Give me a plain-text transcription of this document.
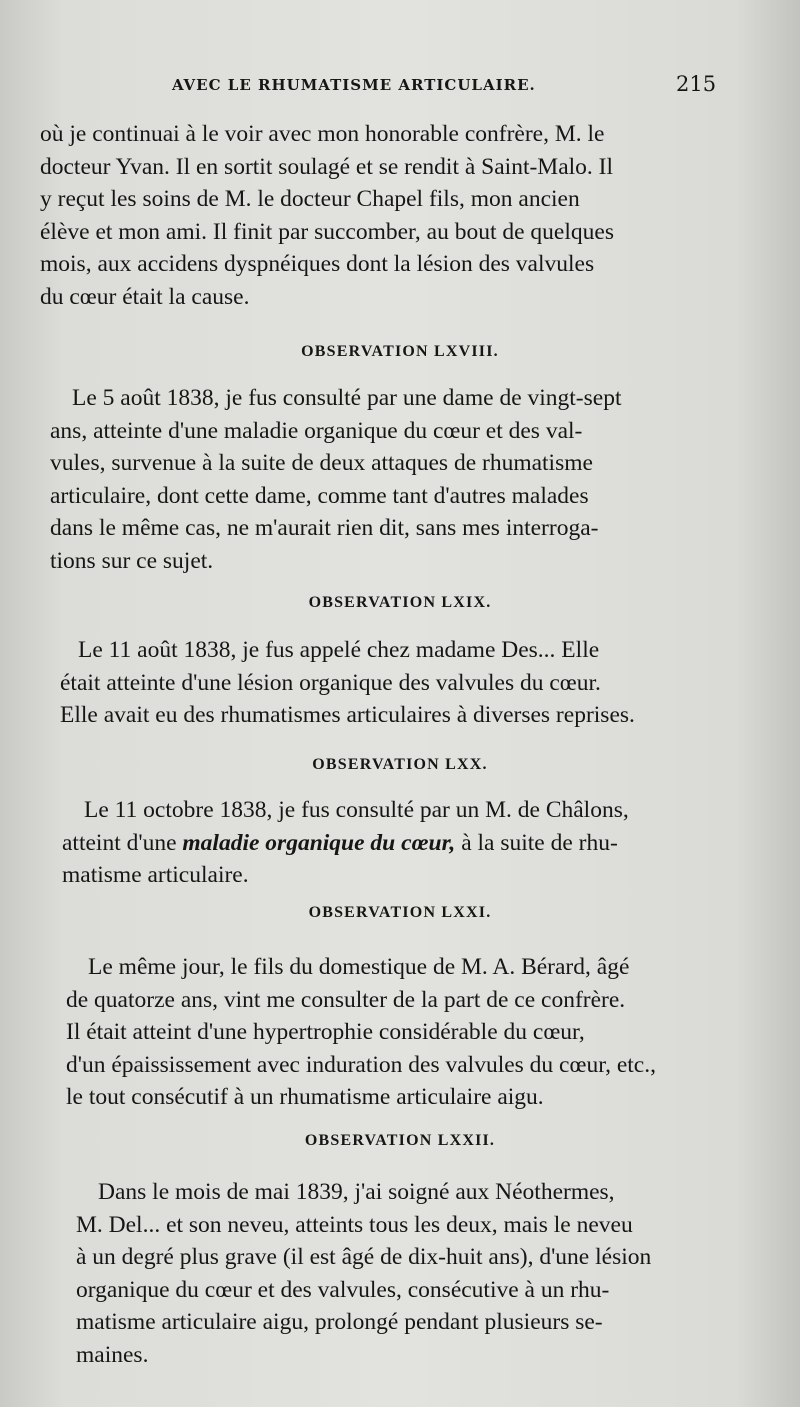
AVEC LE RHUMATISME ARTICULAIRE.	215
où je continuai à le voir avec mon honorable confrère, M. le
docteur Yvan. Il en sortit soulagé et se rendit à Saint-Malo. Il
y reçut les soins de M. le docteur Chapel fils, mon ancien
élève et mon ami. Il finit par succomber, au bout de quelques
mois, aux accidens dyspnéiques dont la lésion des valvules
du cœur était la cause.
OBSERVATION LXVIII.
Le 5 août 1838, je fus consulté par une dame de vingt-sept
ans, atteinte d'une maladie organique du cœur et des val-
vules, survenue à la suite de deux attaques de rhumatisme
articulaire, dont cette dame, comme tant d'autres malades
dans le même cas, ne m'aurait rien dit, sans mes interroga-
tions sur ce sujet.
OBSERVATION LXIX.
Le 11 août 1838, je fus appelé chez madame Des... Elle
était atteinte d'une lésion organique des valvules du cœur.
Elle avait eu des rhumatismes articulaires à diverses reprises.
OBSERVATION LXX.
Le 11 octobre 1838, je fus consulté par un M. de Châlons,
atteint d'une maladie organique du cœur, à la suite de rhu-
matisme articulaire.
OBSERVATION LXXI.
Le même jour, le fils du domestique de M. A. Bérard, âgé
de quatorze ans, vint me consulter de la part de ce confrère.
Il était atteint d'une hypertrophie considérable du cœur,
d'un épaississement avec induration des valvules du cœur, etc.,
le tout consécutif à un rhumatisme articulaire aigu.
OBSERVATION LXXII.
Dans le mois de mai 1839, j'ai soigné aux Néothermes,
M. Del... et son neveu, atteints tous les deux, mais le neveu
à un degré plus grave (il est âgé de dix-huit ans), d'une lésion
organique du cœur et des valvules, consécutive à un rhu-
matisme articulaire aigu, prolongé pendant plusieurs se-
maines.
